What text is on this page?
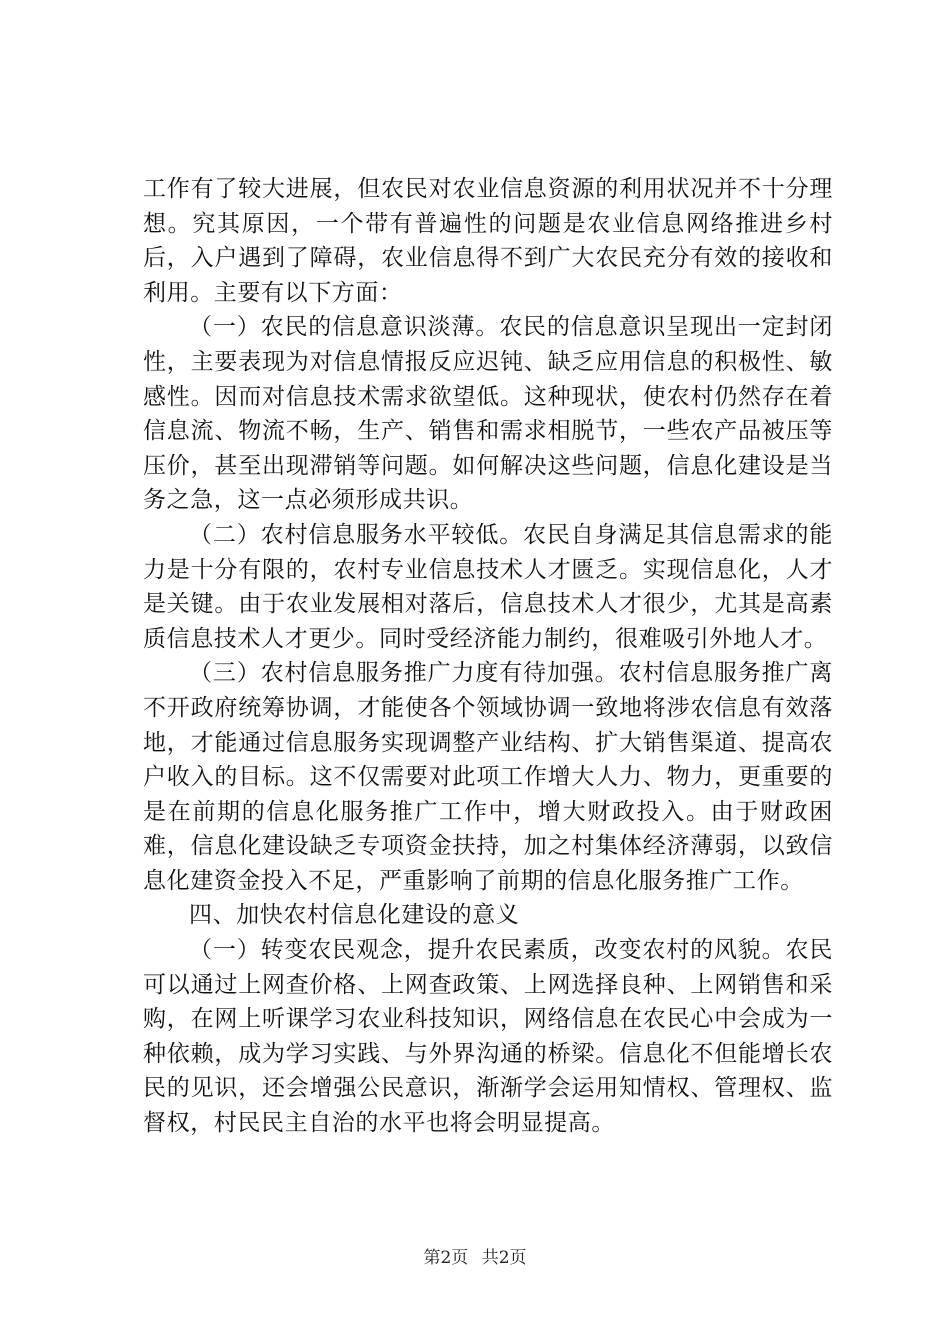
工作有了较大进展，但农民对农业信息资源的利用状况并不十分理想。究其原因，一个带有普遍性的问题是农业信息网络推进乡村后，入户遇到了障碍，农业信息得不到广大农民充分有效的接收和利用。主要有以下方面：

（一）农民的信息意识淡薄。农民的信息意识呈现出一定封闭性，主要表现为对信息情报反应迟钝、缺乏应用信息的积极性、敏感性。因而对信息技术需求欲望低。这种现状，使农村仍然存在着信息流、物流不畅，生产、销售和需求相脱节，一些农产品被压等压价，甚至出现滞销等问题。如何解决这些问题，信息化建设是当务之急，这一点必须形成共识。

（二）农村信息服务水平较低。农民自身满足其信息需求的能力是十分有限的，农村专业信息技术人才匮乏。实现信息化，人才是关键。由于农业发展相对落后，信息技术人才很少，尤其是高素质信息技术人才更少。同时受经济能力制约，很难吸引外地人才。

（三）农村信息服务推广力度有待加强。农村信息服务推广离不开政府统筹协调，才能使各个领域协调一致地将涉农信息有效落地，才能通过信息服务实现调整产业结构、扩大销售渠道、提高农户收入的目标。这不仅需要对此项工作增大人力、物力，更重要的是在前期的信息化服务推广工作中，增大财政投入。由于财政困难，信息化建设缺乏专项资金扶持，加之村集体经济薄弱，以致信息化建资金投入不足，严重影响了前期的信息化服务推广工作。

四、加快农村信息化建设的意义

（一）转变农民观念，提升农民素质，改变农村的风貌。农民可以通过上网查价格、上网查政策、上网选择良种、上网销售和采购，在网上听课学习农业科技知识，网络信息在农民心中会成为一种依赖，成为学习实践、与外界沟通的桥梁。信息化不但能增长农民的见识，还会增强公民意识，渐渐学会运用知情权、管理权、监督权，村民民主自治的水平也将会明显提高。

第2页 共2页
